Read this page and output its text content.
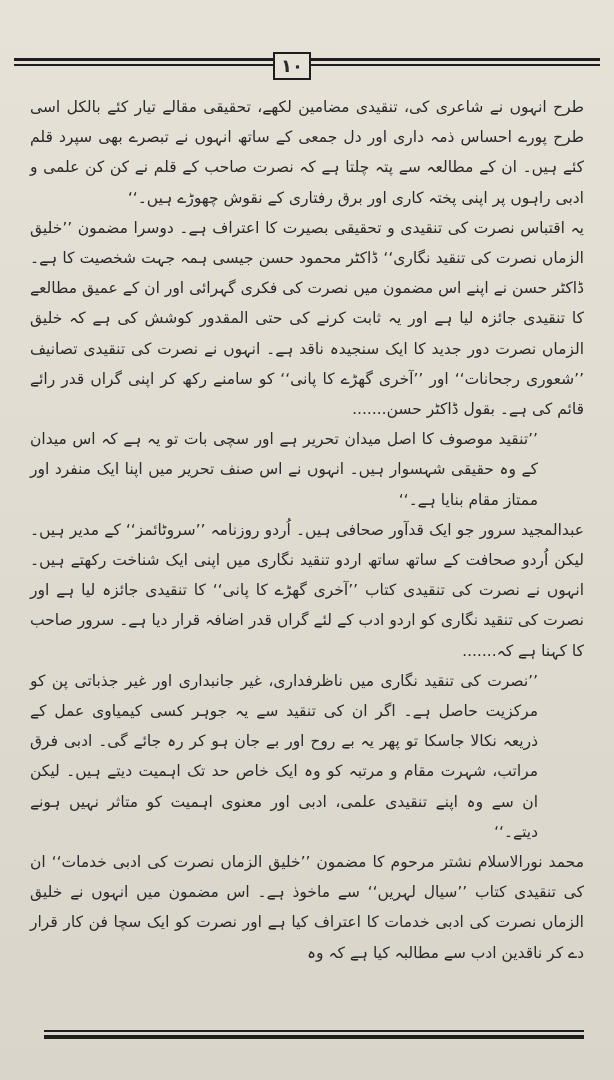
۱۰

طرح انہوں نے شاعری کی، تنقیدی مضامین لکھے، تحقیقی مقالے تیار کئے بالکل اسی طرح پورے احساس ذمہ داری اور دل جمعی کے ساتھ انہوں نے تبصرے بھی سپرد قلم کئے ہیں۔ ان کے مطالعہ سے پتہ چلتا ہے کہ نصرت صاحب کے قلم نے کن کن علمی و ادبی راہوں پر اپنی پختہ کاری اور برق رفتاری کے نقوش چھوڑے ہیں۔‘‘

یہ اقتباس نصرت کی تنقیدی و تحقیقی بصیرت کا اعتراف ہے۔ دوسرا مضمون ’’خلیق الزماں نصرت کی تنقید نگاری‘‘ ڈاکٹر محمود حسن جیسی ہمہ جہت شخصیت کا ہے۔ ڈاکٹر حسن نے اپنے اس مضمون میں نصرت کی فکری گہرائی اور ان کے عمیق مطالعے کا تنقیدی جائزہ لیا ہے اور یہ ثابت کرنے کی حتی المقدور کوشش کی ہے کہ خلیق الزماں نصرت دور جدید کا ایک سنجیدہ ناقد ہے۔ انہوں نے نصرت کی تنقیدی تصانیف ’’شعوری رجحانات‘‘ اور ’’آخری گھڑے کا پانی‘‘ کو سامنے رکھ کر اپنی گراں قدر رائے قائم کی ہے۔ بقول ڈاکٹر حسن.......

’’تنقید موصوف کا اصل میدان تحریر ہے اور سچی بات تو یہ ہے کہ اس میدان کے وہ حقیقی شہسوار ہیں۔ انہوں نے اس صنف تحریر میں اپنا ایک منفرد اور ممتاز مقام بنایا ہے۔‘‘

عبدالمجید سرور جو ایک قدآور صحافی ہیں۔ اُردو روزنامہ ’’سروٹائمز‘‘ کے مدیر ہیں۔ لیکن اُردو صحافت کے ساتھ ساتھ اردو تنقید نگاری میں اپنی ایک شناخت رکھتے ہیں۔ انہوں نے نصرت کی تنقیدی کتاب ’’آخری گھڑے کا پانی‘‘ کا تنقیدی جائزہ لیا ہے اور نصرت کی تنقید نگاری کو اردو ادب کے لئے گراں قدر اضافہ قرار دیا ہے۔ سرور صاحب کا کہنا ہے کہ.......

’’نصرت کی تنقید نگاری میں ناظرفداری، غیر جانبداری اور غیر جذباتی پن کو مرکزیت حاصل ہے۔ اگر ان کی تنقید سے یہ جوہر کسی کیمیاوی عمل کے ذریعہ نکالا جاسکا تو پھر یہ بے روح اور بے جان ہو کر رہ جائے گی۔ ادبی فرق مراتب، شہرت مقام و مرتبہ کو وہ ایک خاص حد تک اہمیت دیتے ہیں۔ لیکن ان سے وہ اپنے تنقیدی علمی، ادبی اور معنوی اہمیت کو متاثر نہیں ہونے دیتے۔‘‘

محمد نورالاسلام نشتر مرحوم کا مضمون ’’خلیق الزماں نصرت کی ادبی خدمات‘‘ ان کی تنقیدی کتاب ’’سیال لہریں‘‘ سے ماخوذ ہے۔ اس مضمون میں انہوں نے خلیق الزماں نصرت کی ادبی خدمات کا اعتراف کیا ہے اور نصرت کو ایک سچا فن کار قرار دے کر ناقدین ادب سے مطالبہ کیا ہے کہ وہ
